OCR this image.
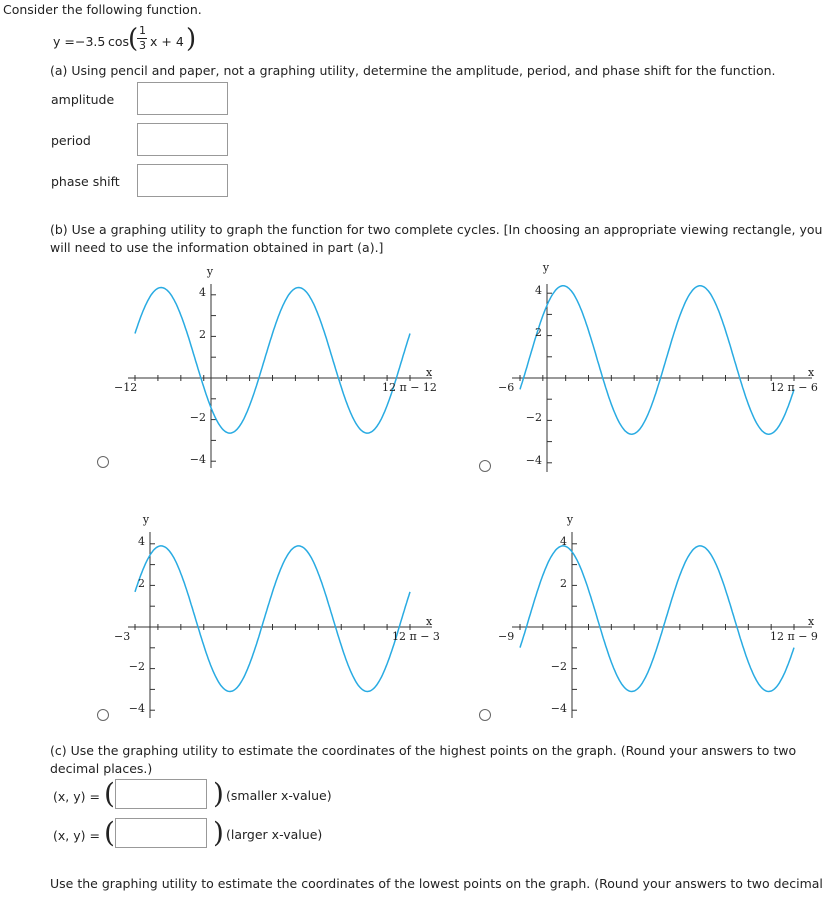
Consider the following function.
y = −3.5 cos
( 1
3 x + 4 )
(a) Using pencil and paper, not a graphing utility, determine the amplitude, period, and phase shift for the function.
amplitude
period
phase shift
(b) Use a graphing utility to graph the function for two complete cycles. [In choosing an appropriate viewing rectangle, you
will need to use the information obtained in part (a).]
y
x
−12	12 π − 12
4
2
−2
−4
y
x
−6	12 π − 6
4
2
−2
−4
y
x
−3	12 π − 3
4
2
−2
−4
y
x
−9	12 π − 9
4
2
−2
−4
(c) Use the graphing utility to estimate the coordinates of the highest points on the graph. (Round your answers to two
decimal places.)
(x, y) = (	) (smaller x-value)
(x, y) = (	) (larger x-value)
Use the graphing utility to estimate the coordinates of the lowest points on the graph. (Round your answers to two decimal
